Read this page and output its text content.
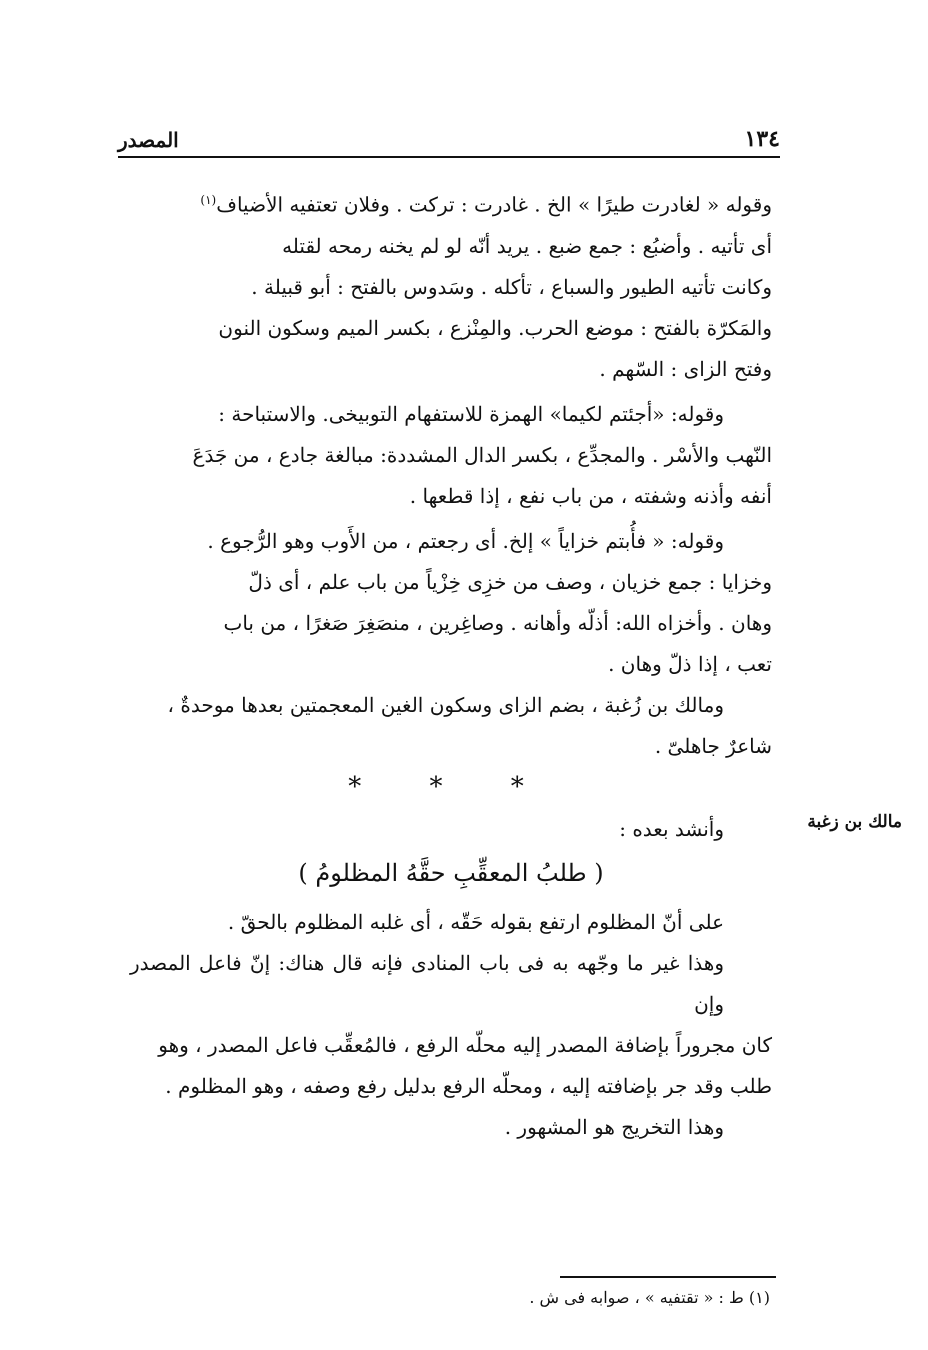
١٣٤
المصدر

وقوله « لغادرت طيرًا » الخ . غادرت : تركت . وفلان تعتفيه الأضياف$^{(١)}$
أى تأتيه . وأضبُع : جمع ضبع . يريد أنّه لو لم يخنه رمحه لقتله
وكانت تأتيه الطيور والسباع ، تأكله . وسَدوس بالفتح : أبو قبيلة .
والمَكرّة بالفتح : موضع الحرب. والمِنْزع ، بكسر الميم وسكون النون
وفتح الزاى : السّهم .

وقوله: «أجئتم لكيما» الهمزة للاستفهام التوبيخى. والاستباحة :

النّهب والأسْر . والمجدِّع ، بكسر الدال المشددة: مبالغة جادع ، من جَدَعَ
أنفه وأذنه وشفته ، من باب نفع ، إذا قطعها .

وقوله: « فأُبتم خزاياً » إلخ. أى رجعتم ، من الأَوب وهو الرُّجوع .

وخزايا : جمع خزيان ، وصف من خزِى خِزْياً من باب علم ، أى ذلّ
وهان . وأخزاه الله: أذلّه وأهانه . وصاغِرين ، منصَغِرَ صَغرًا ، من باب
تعب ، إذا ذلّ وهان .

ومالك بن زُغبة ، بضم الزاى وسكون الغين المعجمتين بعدها موحدةٌ ،

شاعرٌ جاهلىّ .

* * *

وأنشد بعده :

( طلبُ المعقِّبِ حقَّهُ المظلومُ )

على أنّ المظلوم ارتفع بقوله حَقّه ، أى غلبه المظلوم بالحقّ .

وهذا غير ما وجّهه به فى باب المنادى فإنه قال هناك: إنّ فاعل المصدر وإن

كان مجروراً بإضافة المصدر إليه محلّه الرفع ، فالمُعقِّب فاعل المصدر ، وهو
طلب وقد جر بإضافته إليه ، ومحلّه الرفع بدليل رفع وصفه ، وهو المظلوم .

وهذا التخريج هو المشهور .

مالك بن زغبة
(١) ط : « تقتفيه » ، صوابه فى ش .
